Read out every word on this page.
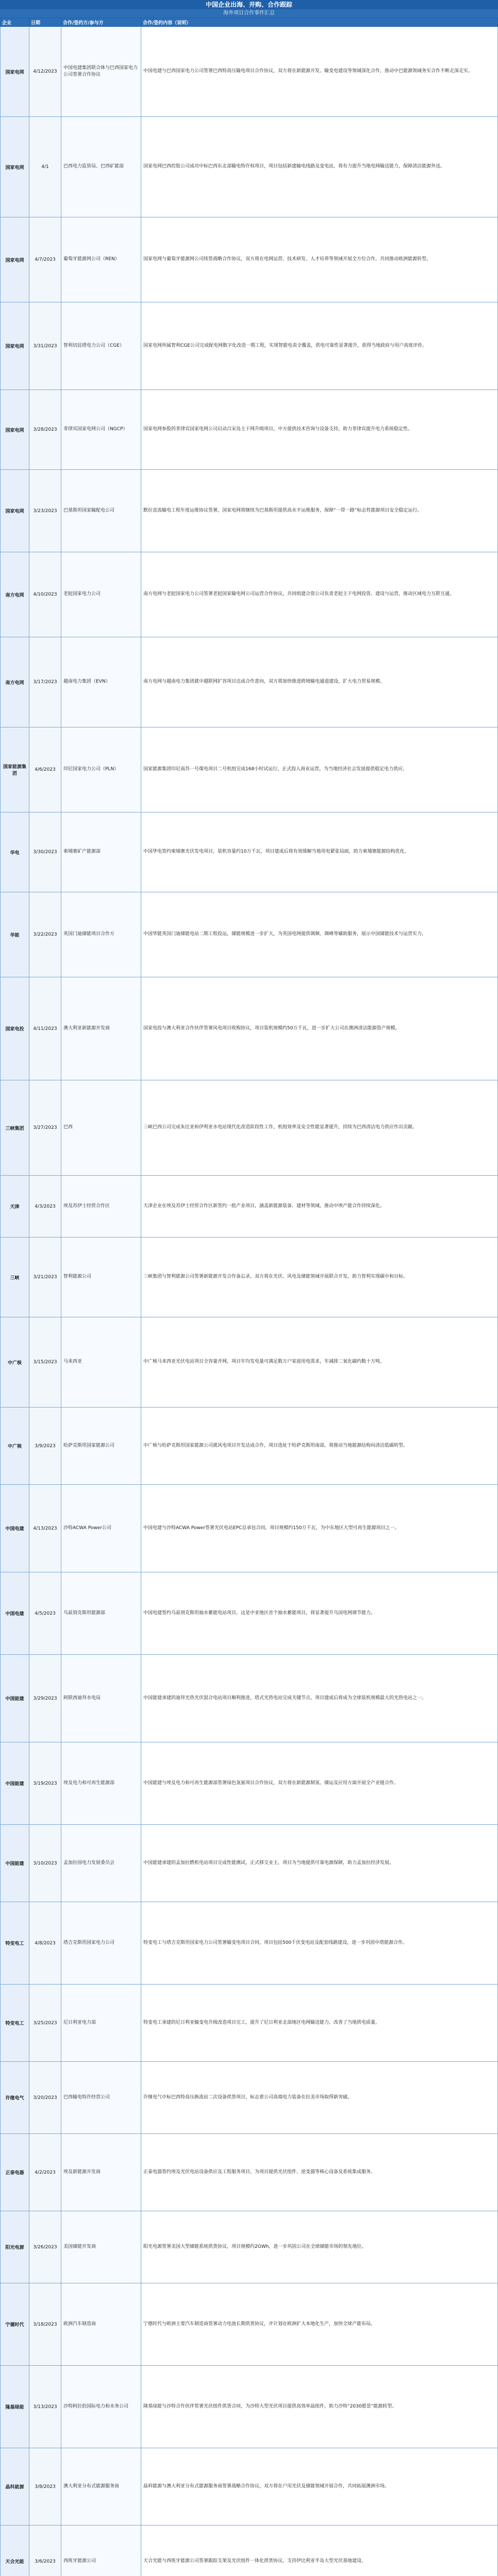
中国企业出海、并购、合作跟踪
海外项目合作事件汇总
企业	日期	合作/签约方/参与方	合作/签约内容（说明）
国家电网	4/12/2023	中国电建集团联合体与巴西国家电力公司签署合作协议	中国电建与巴西国家电力公司签署巴西特高压输电项目合作协议，双方将在新能源开发、输变电建设等领域深化合作，推动中巴能源领域务实合作不断走深走实。
国家电网	4/1	巴西电力监管局、巴西矿能部	国家电网巴西控股公司成功中标巴西东北部输电特许权项目，项目包括新建输电线路及变电站，将有力提升当地电网输送能力，保障清洁能源外送。
国家电网	4/7/2023	葡萄牙能源网公司（REN）	国家电网与葡萄牙能源网公司续签战略合作协议，双方将在电网运营、技术研发、人才培养等领域开展全方位合作，共同推动欧洲能源转型。
国家电网	3/31/2023	智利切昆塔电力公司（CGE）	国家电网所属智利CGE公司完成配电网数字化改造一期工程，实现智能电表全覆盖，供电可靠性显著提升，获得当地政府与用户高度评价。
国家电网	3/28/2023	菲律宾国家电网公司（NGCP）	国家电网参股的菲律宾国家电网公司启动吕宋岛主干网升级项目，中方提供技术咨询与设备支持，助力菲律宾提升电力系统稳定性。
国家电网	3/23/2023	巴基斯坦国家输配电公司	默拉直流输电工程年度运维协议签署，国家电网将继续为巴基斯坦提供高水平运维服务，保障“一带一路”标志性能源项目安全稳定运行。
南方电网	4/10/2023	老挝国家电力公司	南方电网与老挝国家电力公司签署老挝国家输电网公司运营合作协议，共同组建合资公司负责老挝主干电网投资、建设与运营，推动区域电力互联互通。
南方电网	3/17/2023	越南电力集团（EVN）	南方电网与越南电力集团就中越联网扩容项目达成合作意向，双方将加快推进跨境输电通道建设，扩大电力贸易规模。
国家能源集团	4/6/2023	印尼国家电力公司（PLN）	国家能源集团印尼南苏一号煤电项目二号机组完成168小时试运行，正式投入商业运营，为当地经济社会发展提供稳定电力供应。
华电	3/30/2023	柬埔寨矿产能源部	中国华电签约柬埔寨光伏发电项目，装机容量约10万千瓦，项目建成后将有效缓解当地用电紧张局面，助力柬埔寨能源结构优化。
华能	3/22/2023	英国门迪储能项目合作方	中国华能英国门迪储能电站二期工程投运，储能规模进一步扩大，为英国电网提供调频、调峰等辅助服务，展示中国储能技术与运营实力。
国家电投	4/11/2023	澳大利亚新能源开发商	国家电投与澳大利亚合作伙伴签署风电项目收购协议，项目装机规模约50万千瓦，进一步扩大公司在澳洲清洁能源资产规模。
三峡集团	3/27/2023	巴西	三峡巴西公司完成朱比亚和伊利亚水电站现代化改造阶段性工作，机组效率及安全性能显著提升，持续为巴西清洁电力供应作出贡献。
天津	4/3/2023	埃及苏伊士经贸合作区	天津企业在埃及苏伊士经贸合作区新签约一批产业项目，涵盖新能源装备、建材等领域，推动中埃产能合作持续深化。
三峡	3/21/2023	智利能源公司	三峡集团与智利能源公司签署新能源开发合作备忘录，双方将在光伏、风电及储能领域开展联合开发，助力智利实现碳中和目标。
中广核	3/15/2023	马来西亚	中广核马来西亚光伏电站项目全容量并网，项目年均发电量可满足数万户家庭用电需求，年减排二氧化碳约数十万吨。
中广核	3/9/2023	哈萨克斯坦国家能源公司	中广核与哈萨克斯坦国家能源公司就风电项目开发达成合作，项目选址于哈萨克斯坦南部，将推动当地能源结构向清洁低碳转型。
中国电建	4/13/2023	沙特ACWA Power公司	中国电建与沙特ACWA Power签署光伏电站EPC总承包合同，项目规模约150万千瓦，为中东地区大型可再生能源项目之一。
中国电建	4/5/2023	乌兹别克斯坦能源部	中国电建签约乌兹别克斯坦抽水蓄能电站项目，这是中亚地区首个抽水蓄能项目，将显著提升乌国电网调节能力。
中国能建	3/29/2023	阿联酋迪拜水电局	中国能建承建的迪拜光热光伏混合电站项目顺利推进，塔式光热电站完成关键节点，项目建成后将成为全球装机规模最大的光热电站之一。
中国能建	3/19/2023	埃及电力和可再生能源部	中国能建与埃及电力和可再生能源部签署绿色氢氨项目合作协议，双方将在新能源制氢、储运及应用方面开展全产业链合作。
中国能建	3/10/2023	孟加拉国电力发展委员会	中国能建承建的孟加拉燃机电站项目完成性能测试，正式移交业主，项目为当地提供可靠电源保障，助力孟加拉经济发展。
特变电工	4/8/2023	塔吉克斯坦国家电力公司	特变电工与塔吉克斯坦国家电力公司签署输变电项目合同，项目包括500千伏变电站及配套线路建设，进一步巩固中塔能源合作。
特变电工	3/25/2023	尼日利亚电力部	特变电工承建的尼日利亚输变电升级改造项目完工，提升了尼日利亚北部地区电网输送能力，改善了当地供电质量。
许继电气	3/20/2023	巴西输电特许经营公司	许继电气中标巴西特高压换流站二次设备供货项目，标志着公司高端电力装备在拉美市场取得新突破。
正泰电器	4/2/2023	埃及新能源开发商	正泰电器签约埃及光伏电站设备供应及工程服务项目，为项目提供光伏组件、逆变器等核心设备及系统集成服务。
阳光电源	3/26/2023	美国储能开发商	阳光电源签署美国大型储能系统供货协议，项目规模约2GWh，进一步巩固公司在全球储能市场的领先地位。
宁德时代	3/18/2023	欧洲汽车制造商	宁德时代与欧洲主要汽车制造商签署动力电池长期供货协议，并计划在欧洲扩大本地化生产，加快全球产能布局。
隆基绿能	3/13/2023	沙特阿拉伯国际电力和水务公司	隆基绿能与沙特合作伙伴签署光伏组件供货合同，为沙特大型光伏项目提供高效单晶组件，助力沙特“2030愿景”能源转型。
晶科能源	3/8/2023	澳大利亚分布式能源服务商	晶科能源与澳大利亚分布式能源服务商签署战略合作协议，双方将在户用光伏及储能领域开展合作，共同拓展澳洲市场。
天合光能	3/6/2023	西班牙能源公司	天合光能与西班牙能源公司签署跟踪支架及光伏组件一体化供货协议，支持伊比利亚半岛大型光伏基地建设。
